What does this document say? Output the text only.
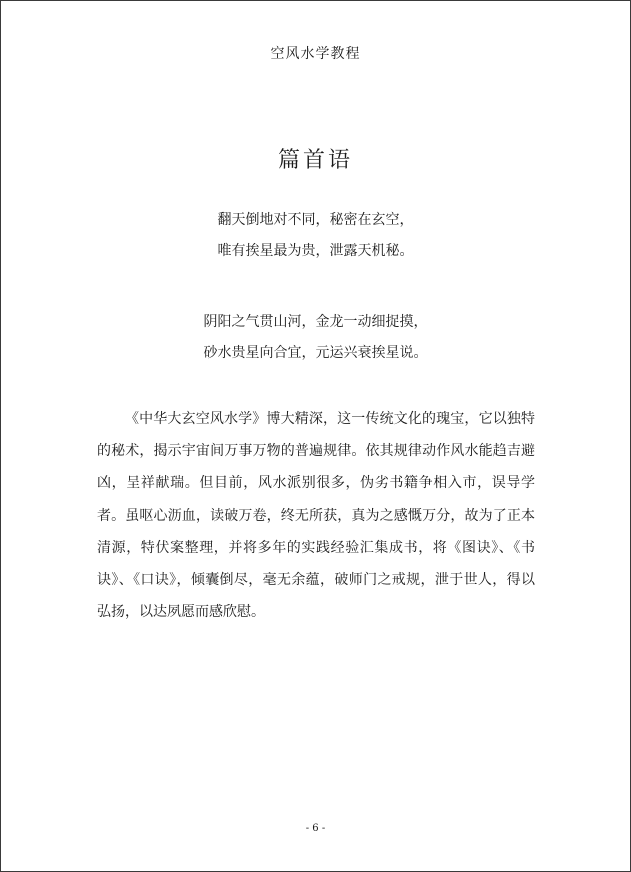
空风水学教程
篇首语
翻天倒地对不同，秘密在玄空，
唯有挨星最为贵，泄露天机秘。
阴阳之气贯山河，金龙一动细捉摸，
砂水贵星向合宜，元运兴衰挨星说。

《中华大玄空风水学》博大精深，这一传统文化的瑰宝，它以独特的秘术，揭示宇宙间万事万物的普遍规律。依其规律动作风水能趋吉避凶，呈祥献瑞。但目前，风水派别很多，伪劣书籍争相入市，误导学者。虽呕心沥血，读破万卷，终无所获，真为之感慨万分，故为了正本清源，特伏案整理，并将多年的实践经验汇集成书，将《图诀》、《书诀》、《口诀》，倾囊倒尽，毫无余蕴，破师门之戒规，泄于世人，得以弘扬，以达夙愿而感欣慰。

- 6 -
